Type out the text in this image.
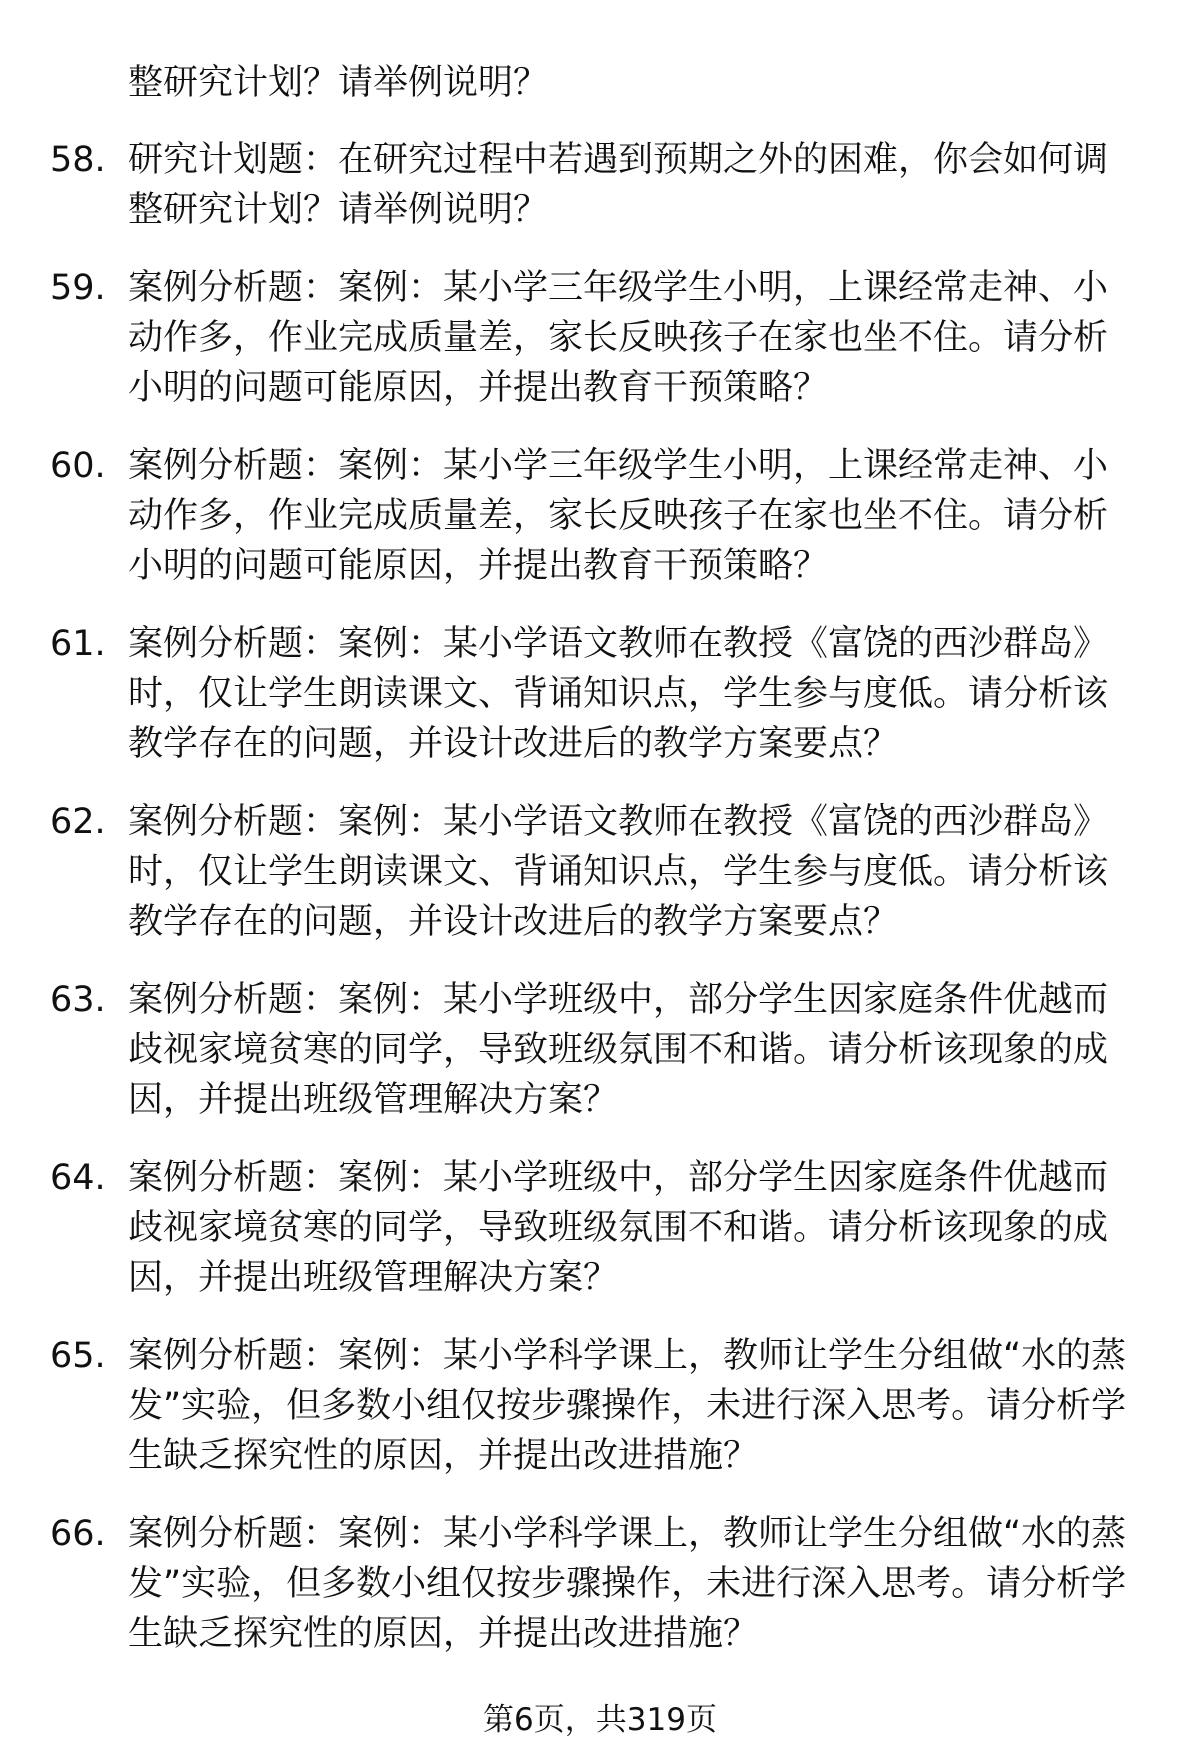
整研究计划？请举例说明？
58. 研究计划题：在研究过程中若遇到预期之外的困难，你会如何调整研究计划？请举例说明？
59. 案例分析题：案例：某小学三年级学生小明，上课经常走神、小动作多，作业完成质量差，家长反映孩子在家也坐不住。请分析小明的问题可能原因，并提出教育干预策略？
60. 案例分析题：案例：某小学三年级学生小明，上课经常走神、小动作多，作业完成质量差，家长反映孩子在家也坐不住。请分析小明的问题可能原因，并提出教育干预策略？
61. 案例分析题：案例：某小学语文教师在教授《富饶的西沙群岛》时，仅让学生朗读课文、背诵知识点，学生参与度低。请分析该教学存在的问题，并设计改进后的教学方案要点？
62. 案例分析题：案例：某小学语文教师在教授《富饶的西沙群岛》时，仅让学生朗读课文、背诵知识点，学生参与度低。请分析该教学存在的问题，并设计改进后的教学方案要点？
63. 案例分析题：案例：某小学班级中，部分学生因家庭条件优越而歧视家境贫寒的同学，导致班级氛围不和谐。请分析该现象的成因，并提出班级管理解决方案？
64. 案例分析题：案例：某小学班级中，部分学生因家庭条件优越而歧视家境贫寒的同学，导致班级氛围不和谐。请分析该现象的成因，并提出班级管理解决方案？
65. 案例分析题：案例：某小学科学课上，教师让学生分组做“水的蒸发”实验，但多数小组仅按步骤操作，未进行深入思考。请分析学生缺乏探究性的原因，并提出改进措施？
66. 案例分析题：案例：某小学科学课上，教师让学生分组做“水的蒸发”实验，但多数小组仅按步骤操作，未进行深入思考。请分析学生缺乏探究性的原因，并提出改进措施？
第6页，共319页
